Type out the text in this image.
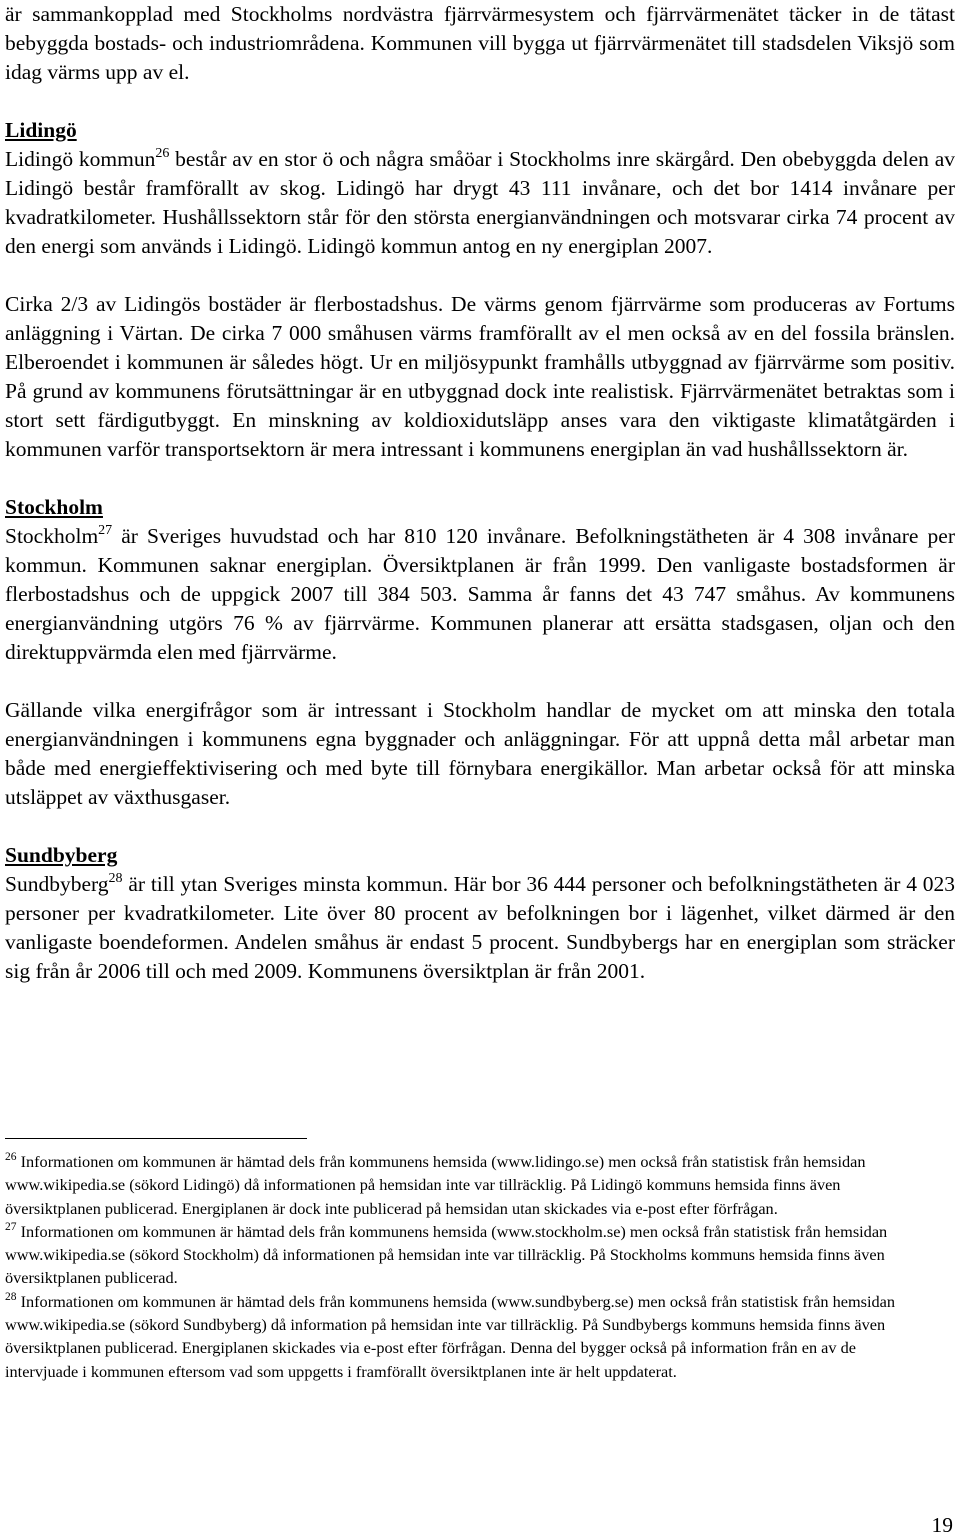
är sammankopplad med Stockholms nordvästra fjärrvärmesystem och fjärrvärmenätet täcker in de tätast bebyggda bostads- och industriområdena. Kommunen vill bygga ut fjärrvärmenätet till stadsdelen Viksjö som idag värms upp av el.

Lidingö

Lidingö kommun$^{26}$ består av en stor ö och några småöar i Stockholms inre skärgård. Den obebyggda delen av Lidingö består framförallt av skog. Lidingö har drygt 43 111 invånare, och det bor 1414 invånare per kvadratkilometer. Hushållssektorn står för den största energianvändningen och motsvarar cirka 74 procent av den energi som används i Lidingö. Lidingö kommun antog en ny energiplan 2007.

Cirka 2/3 av Lidingös bostäder är flerbostadshus. De värms genom fjärrvärme som produceras av Fortums anläggning i Värtan. De cirka 7 000 småhusen värms framförallt av el men också av en del fossila bränslen. Elberoendet i kommunen är således högt. Ur en miljösypunkt framhålls utbyggnad av fjärrvärme som positiv. På grund av kommunens förutsättningar är en utbyggnad dock inte realistisk. Fjärrvärmenätet betraktas som i stort sett färdigutbyggt. En minskning av koldioxidutsläpp anses vara den viktigaste klimatåtgärden i kommunen varför transportsektorn är mera intressant i kommunens energiplan än vad hushållssektorn är.

Stockholm

Stockholm$^{27}$ är Sveriges huvudstad och har 810 120 invånare. Befolkningstätheten är 4 308 invånare per kommun. Kommunen saknar energiplan. Översiktplanen är från 1999. Den vanligaste bostadsformen är flerbostadshus och de uppgick 2007 till 384 503. Samma år fanns det 43 747 småhus. Av kommunens energianvändning utgörs 76 % av fjärrvärme. Kommunen planerar att ersätta stadsgasen, oljan och den direktuppvärmda elen med fjärrvärme.

Gällande vilka energifrågor som är intressant i Stockholm handlar de mycket om att minska den totala energianvändningen i kommunens egna byggnader och anläggningar. För att uppnå detta mål arbetar man både med energieffektivisering och med byte till förnybara energikällor. Man arbetar också för att minska utsläppet av växthusgaser.

Sundbyberg

Sundbyberg$^{28}$ är till ytan Sveriges minsta kommun. Här bor 36 444 personer och befolkningstätheten är 4 023 personer per kvadratkilometer. Lite över 80 procent av befolkningen bor i lägenhet, vilket därmed är den vanligaste boendeformen. Andelen småhus är endast 5 procent. Sundbybergs har en energiplan som sträcker sig från år 2006 till och med 2009. Kommunens översiktplan är från 2001.

$^{26}$ Informationen om kommunen är hämtad dels från kommunens hemsida (www.lidingo.se) men också från statistisk från hemsidan www.wikipedia.se (sökord Lidingö) då informationen på hemsidan inte var tillräcklig. På Lidingö kommuns hemsida finns även översiktplanen publicerad. Energiplanen är dock inte publicerad på hemsidan utan skickades via e-post efter förfrågan.

$^{27}$ Informationen om kommunen är hämtad dels från kommunens hemsida (www.stockholm.se) men också från statistisk från hemsidan www.wikipedia.se (sökord Stockholm) då informationen på hemsidan inte var tillräcklig. På Stockholms kommuns hemsida finns även översiktplanen publicerad.

$^{28}$ Informationen om kommunen är hämtad dels från kommunens hemsida (www.sundbyberg.se) men också från statistisk från hemsidan www.wikipedia.se (sökord Sundbyberg) då information på hemsidan inte var tillräcklig. På Sundbybergs kommuns hemsida finns även översiktplanen publicerad. Energiplanen skickades via e-post efter förfrågan. Denna del bygger också på information från en av de intervjuade i kommunen eftersom vad som uppgetts i framförallt översiktplanen inte är helt uppdaterat.

19
